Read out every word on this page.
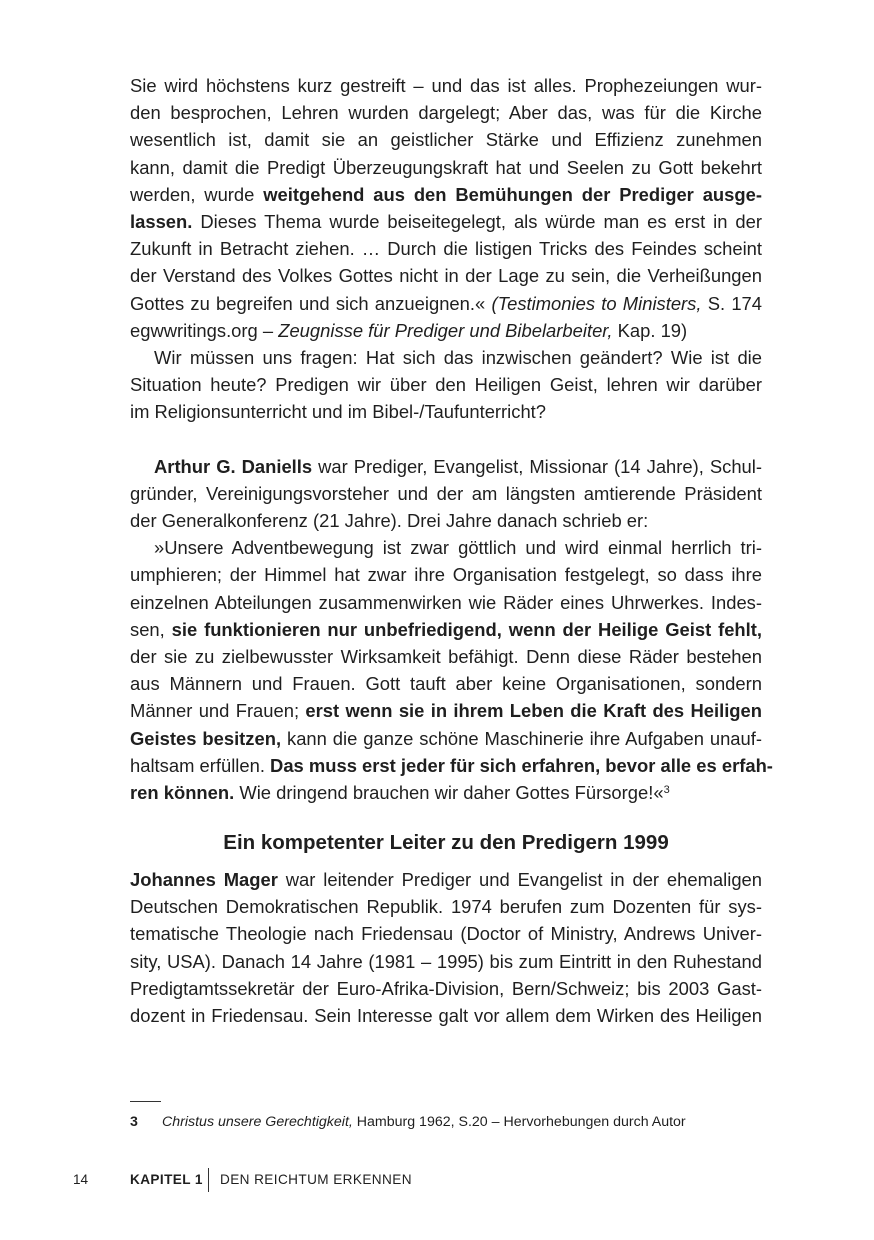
Sie wird höchstens kurz gestreift – und das ist alles. Prophezeiungen wur-
den besprochen, Lehren wurden dargelegt; Aber das, was für die Kirche
wesentlich ist, damit sie an geistlicher Stärke und Effizienz zunehmen
kann, damit die Predigt Überzeugungskraft hat und Seelen zu Gott bekehrt
werden, wurde weitgehend aus den Bemühungen der Prediger ausge-
lassen. Dieses Thema wurde beiseitegelegt, als würde man es erst in der
Zukunft in Betracht ziehen. … Durch die listigen Tricks des Feindes scheint
der Verstand des Volkes Gottes nicht in der Lage zu sein, die Verheißungen
Gottes zu begreifen und sich anzueignen.« (Testimonies to Ministers, S. 174
egwwritings.org – Zeugnisse für Prediger und Bibelarbeiter, Kap. 19)
Wir müssen uns fragen: Hat sich das inzwischen geändert? Wie ist die
Situation heute? Predigen wir über den Heiligen Geist, lehren wir darüber
im Religionsunterricht und im Bibel-/Taufunterricht?
Arthur G. Daniells war Prediger, Evangelist, Missionar (14 Jahre), Schul-
gründer, Vereinigungsvorsteher und der am längsten amtierende Präsident
der Generalkonferenz (21 Jahre). Drei Jahre danach schrieb er:
»Unsere Adventbewegung ist zwar göttlich und wird einmal herrlich tri-
umphieren; der Himmel hat zwar ihre Organisation festgelegt, so dass ihre
einzelnen Abteilungen zusammenwirken wie Räder eines Uhrwerkes. Indes-
sen, sie funktionieren nur unbefriedigend, wenn der Heilige Geist fehlt,
der sie zu zielbewusster Wirksamkeit befähigt. Denn diese Räder bestehen
aus Männern und Frauen. Gott tauft aber keine Organisationen, sondern
Männer und Frauen; erst wenn sie in ihrem Leben die Kraft des Heiligen
Geistes besitzen, kann die ganze schöne Maschinerie ihre Aufgaben unauf-
haltsam erfüllen. Das muss erst jeder für sich erfahren, bevor alle es erfah-
ren können. Wie dringend brauchen wir daher Gottes Fürsorge!«$^3$
Ein kompetenter Leiter zu den Predigern 1999
Johannes Mager war leitender Prediger und Evangelist in der ehemaligen
Deutschen Demokratischen Republik. 1974 berufen zum Dozenten für sys-
tematische Theologie nach Friedensau (Doctor of Ministry, Andrews Univer-
sity, USA). Danach 14 Jahre (1981 – 1995) bis zum Eintritt in den Ruhestand
Predigtamtssekretär der Euro-Afrika-Division, Bern/Schweiz; bis 2003 Gast-
dozent in Friedensau. Sein Interesse galt vor allem dem Wirken des Heiligen
3 Christus unsere Gerechtigkeit, Hamburg 1962, S.20 – Hervorhebungen durch Autor
14	KAPITEL 1 DEN REICHTUM ERKENNEN
